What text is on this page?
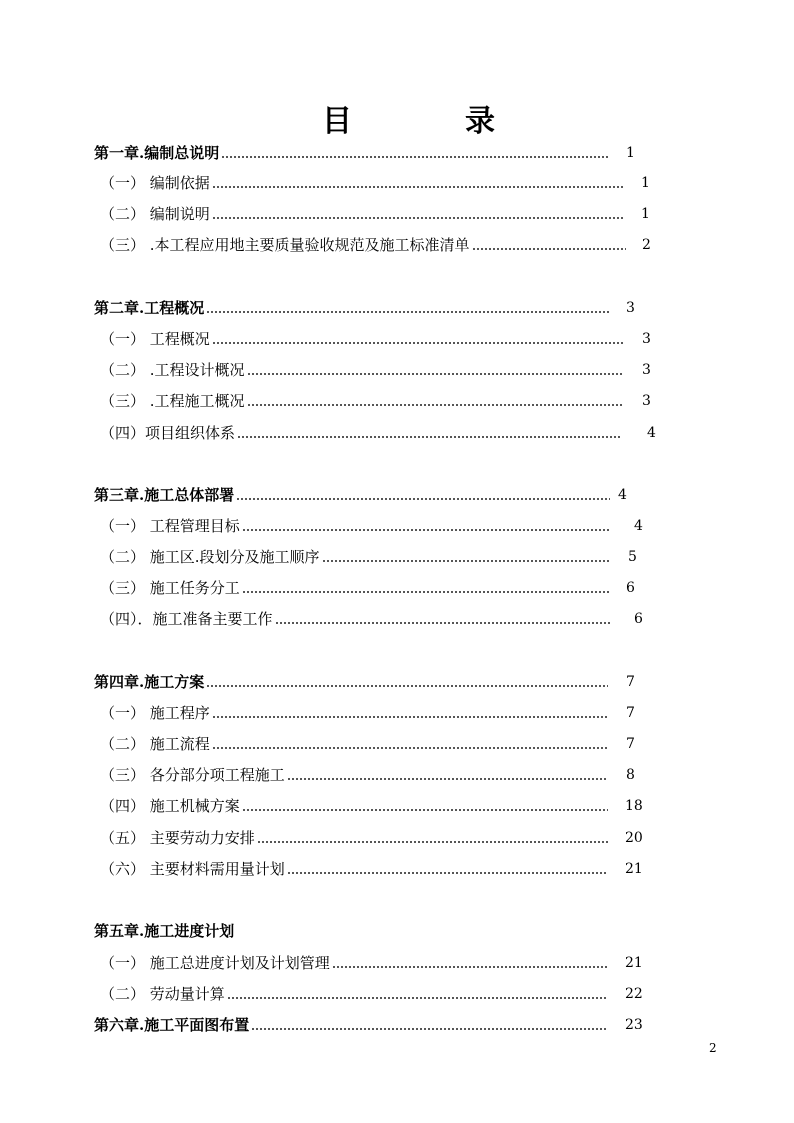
目	录
第一章.编制总说明	1
（一） 编制依据	1
（二） 编制说明	1
（三） .本工程应用地主要质量验收规范及施工标准清单	2
第二章.工程概况	3
（一） 工程概况	3
（二） .工程设计概况	3
（三） .工程施工概况	3
（四）项目组织体系	4
第三章.施工总体部署	4
（一） 工程管理目标	4
（二） 施工区.段划分及施工顺序	5
（三） 施工任务分工	6
（四）．施工准备主要工作	6
第四章.施工方案	7
（一） 施工程序	7
（二） 施工流程	7
（三） 各分部分项工程施工	8
（四） 施工机械方案	18
（五） 主要劳动力安排	20
（六） 主要材料需用量计划	21
第五章.施工进度计划
（一） 施工总进度计划及计划管理	21
（二） 劳动量计算	22
第六章.施工平面图布置	23
2
